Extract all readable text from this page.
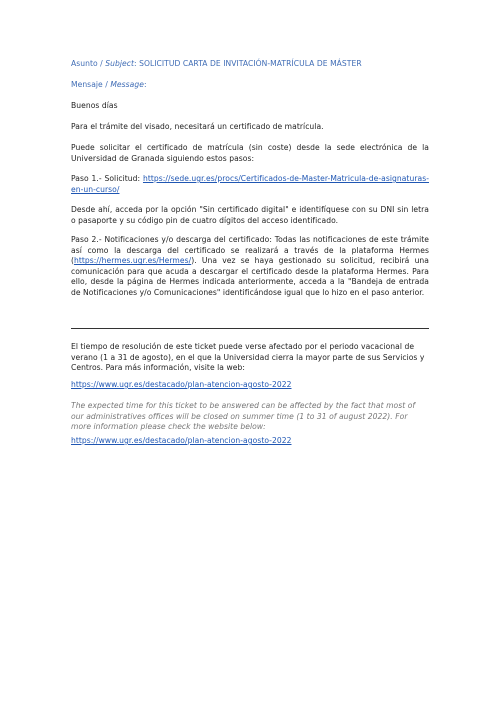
Asunto / Subject: SOLICITUD CARTA DE INVITACIÓN-MATRÍCULA DE MÁSTER

Mensaje / Message:

Buenos días

Para el trámite del visado, necesitará un certificado de matrícula.

Puede solicitar el certificado de matrícula (sin coste) desde la sede electrónica de la Universidad de Granada siguiendo estos pasos:

Paso 1.- Solicitud: https://sede.ugr.es/procs/Certificados-de-Master-Matricula-de-asignaturas-en-un-curso/

Desde ahí, acceda por la opción "Sin certificado digital" e identifíquese con su DNI sin letra o pasaporte y su código pin de cuatro dígitos del acceso identificado.

Paso 2.- Notificaciones y/o descarga del certificado: Todas las notificaciones de este trámite así como la descarga del certificado se realizará a través de la plataforma Hermes (https://hermes.ugr.es/Hermes/). Una vez se haya gestionado su solicitud, recibirá una comunicación para que acuda a descargar el certificado desde la plataforma Hermes. Para ello, desde la página de Hermes indicada anteriormente, acceda a la "Bandeja de entrada de Notificaciones y/o Comunicaciones" identificándose igual que lo hizo en el paso anterior.

El tiempo de resolución de este ticket puede verse afectado por el periodo vacacional de verano (1 a 31 de agosto), en el que la Universidad cierra la mayor parte de sus Servicios y Centros. Para más información, visite la web:

https://www.ugr.es/destacado/plan-atencion-agosto-2022

The expected time for this ticket to be answered can be affected by the fact that most of our administratives offices will be closed on summer time (1 to 31 of august 2022). For more information please check the website below:

https://www.ugr.es/destacado/plan-atencion-agosto-2022
